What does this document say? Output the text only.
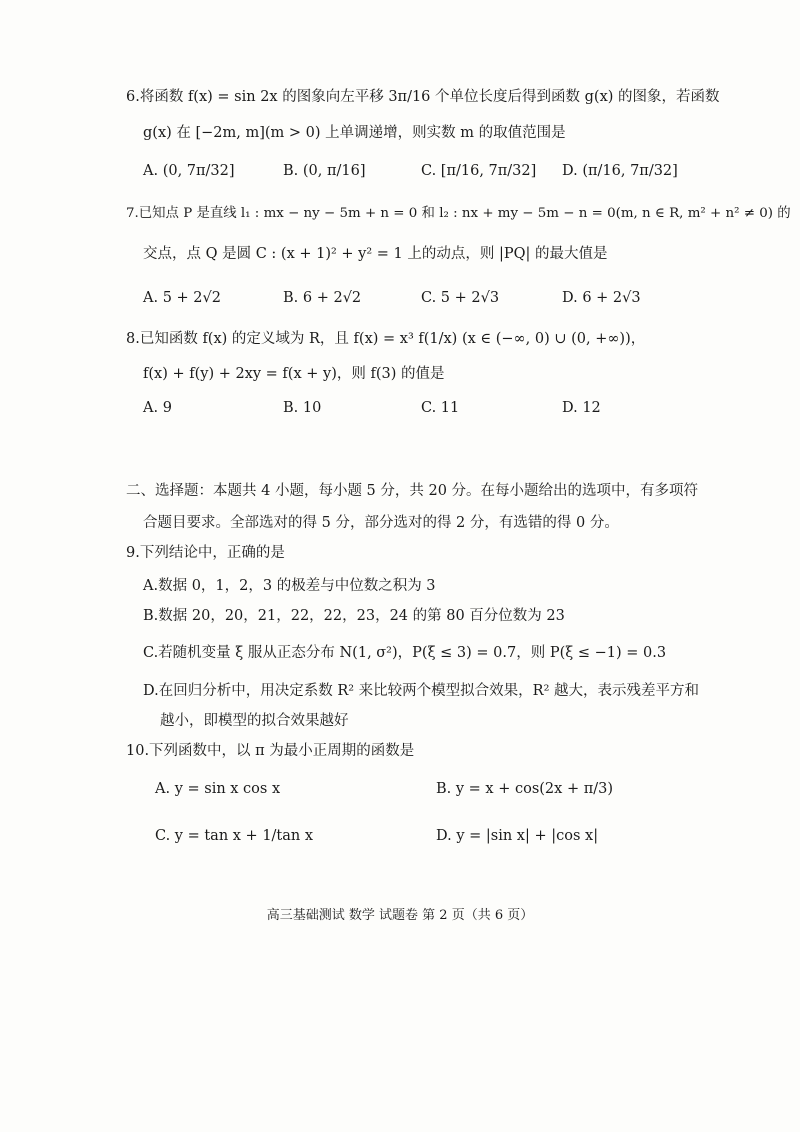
6.将函数 f(x) = sin 2x 的图象向左平移 3π/16 个单位长度后得到函数 g(x) 的图象，若函数
g(x) 在 [−2m, m](m > 0) 上单调递增，则实数 m 的取值范围是
A. (0, 7π/32]	B. (0, π/16]	C. [π/16, 7π/32] D. (π/16, 7π/32]
7.已知点 P 是直线 l₁ : mx − ny − 5m + n = 0 和 l₂ : nx + my − 5m − n = 0(m, n ∈ R, m² + n² ≠ 0) 的
交点，点 Q 是圆 C : (x + 1)² + y² = 1 上的动点，则 |PQ| 的最大值是
A. 5 + 2√2	B. 6 + 2√2	C. 5 + 2√3	D. 6 + 2√3
8.已知函数 f(x) 的定义域为 R，且 f(x) = x³ f(1/x) (x ∈ (−∞, 0) ∪ (0, +∞))，
f(x) + f(y) + 2xy = f(x + y)，则 f(3) 的值是
A. 9	B. 10	C. 11	D. 12
二、选择题：本题共 4 小题，每小题 5 分，共 20 分。在每小题给出的选项中，有多项符
合题目要求。全部选对的得 5 分，部分选对的得 2 分，有选错的得 0 分。
9.下列结论中，正确的是
A.数据 0，1，2，3 的极差与中位数之积为 3
B.数据 20，20，21，22，22，23，24 的第 80 百分位数为 23
C.若随机变量 ξ 服从正态分布 N(1, σ²)，P(ξ ≤ 3) = 0.7，则 P(ξ ≤ −1) = 0.3
D.在回归分析中，用决定系数 R² 来比较两个模型拟合效果，R² 越大，表示残差平方和
越小，即模型的拟合效果越好
10.下列函数中，以 π 为最小正周期的函数是
A. y = sin x cos x	B. y = x + cos(2x + π/3)
C. y = tan x + 1/tan x	D. y = |sin x| + |cos x|
高三基础测试 数学 试题卷 第 2 页（共 6 页）
